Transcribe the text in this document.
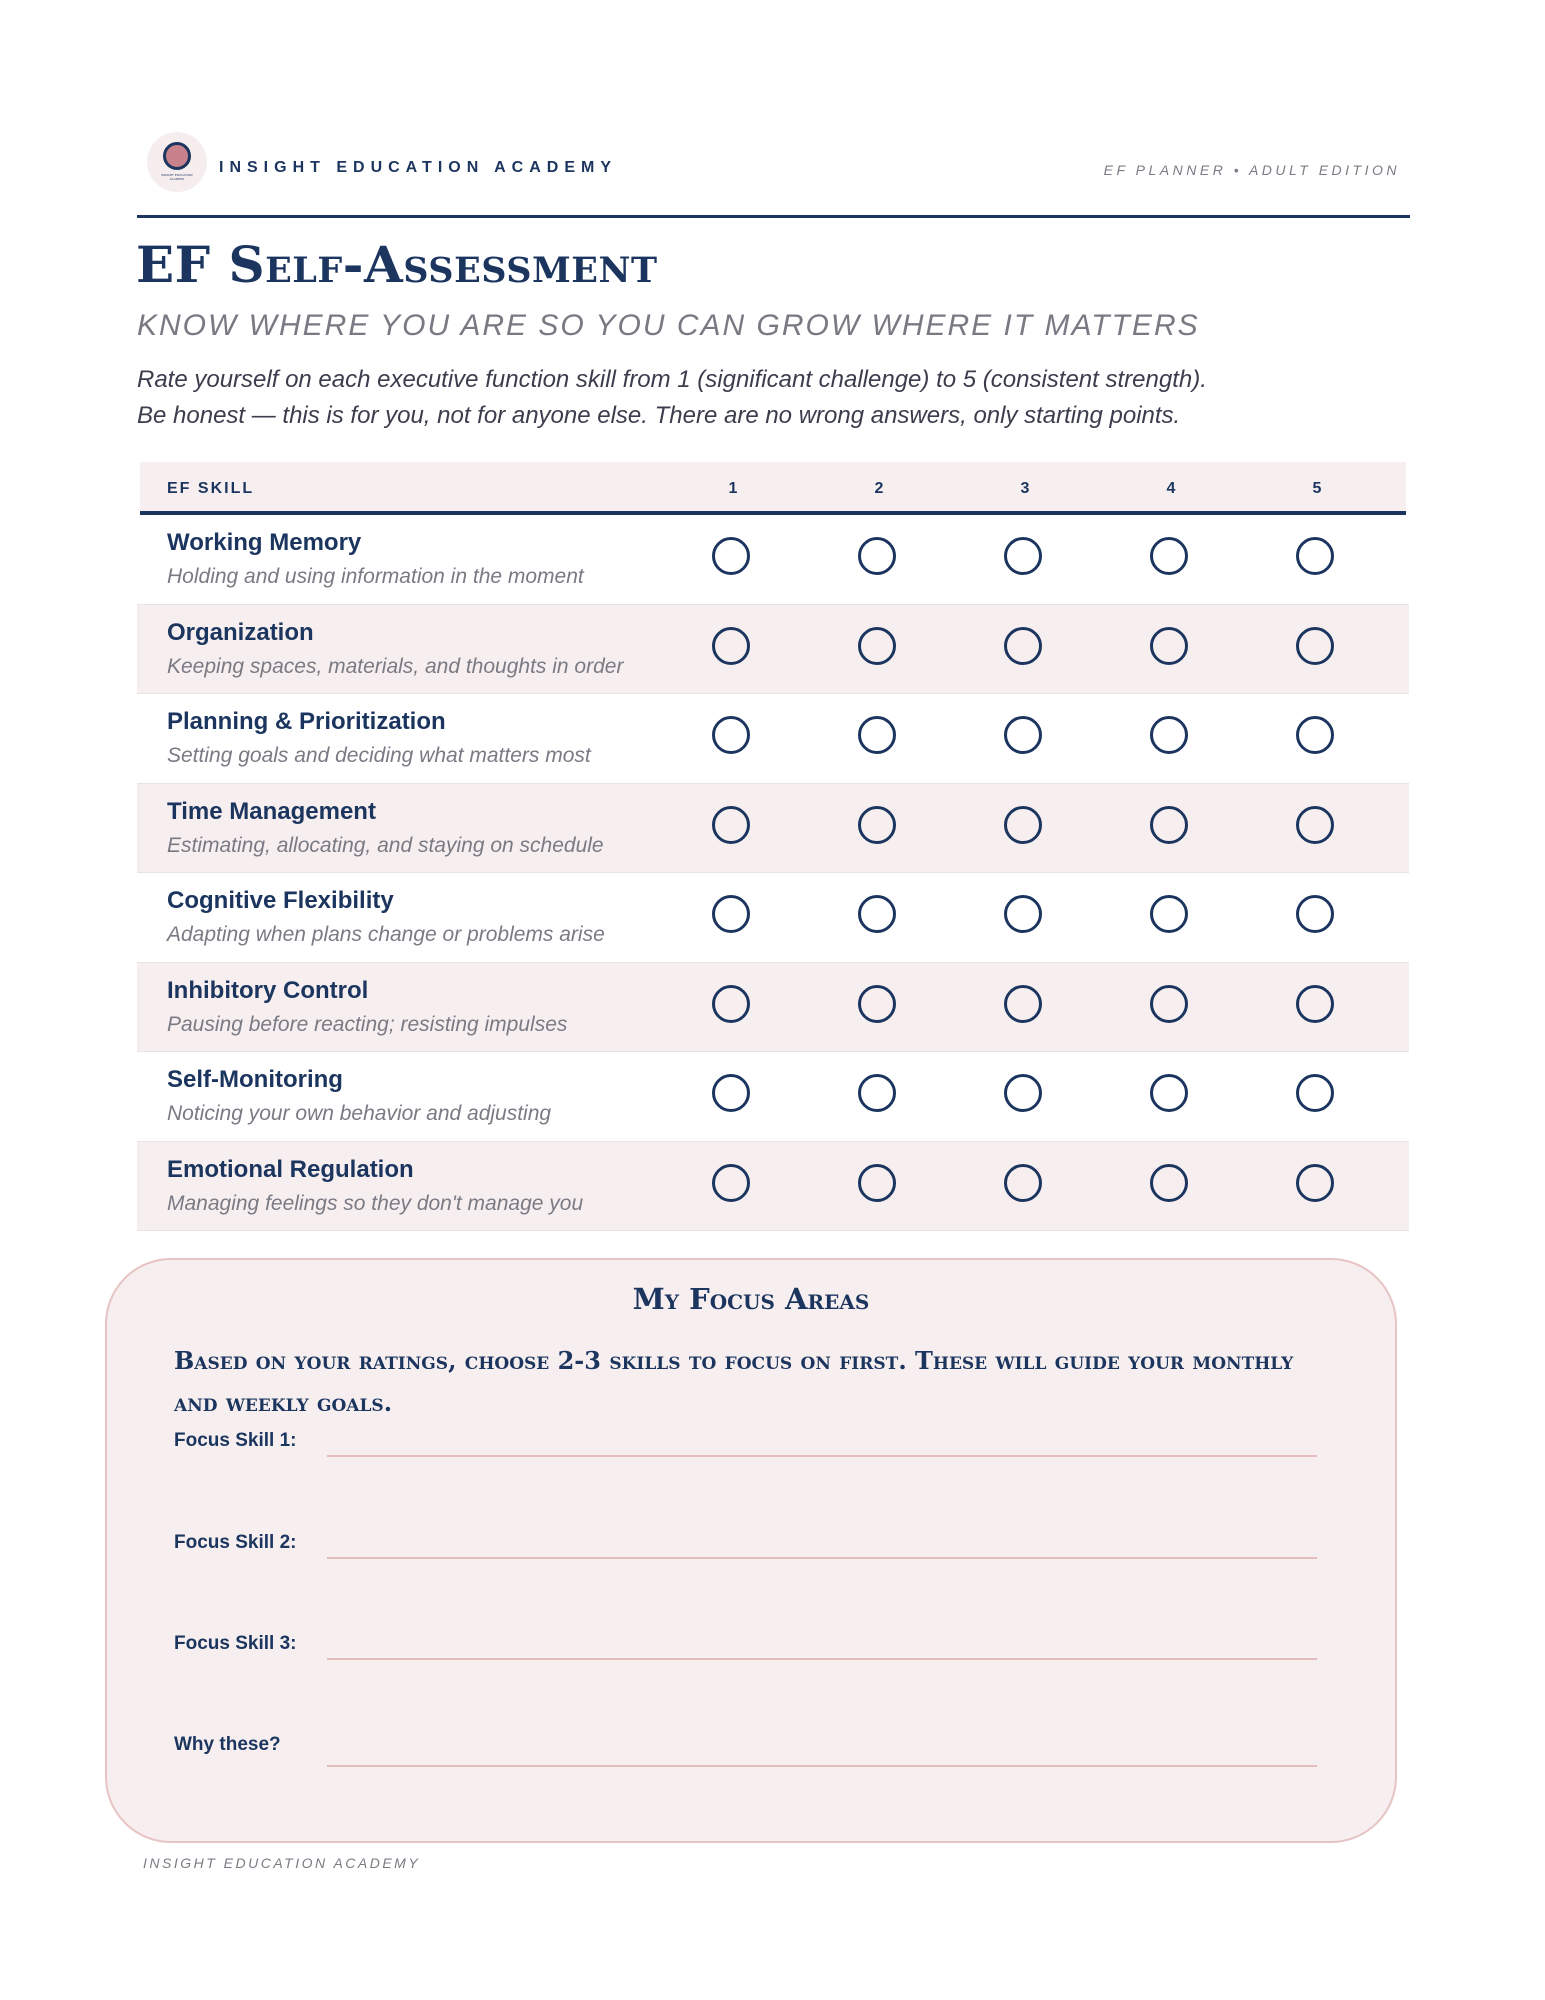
INSIGHT EDUCATION ACADEMY
INSIGHT EDUCATION ACADEMY	EF PLANNER • ADULT EDITION
EF Self-Assessment
KNOW WHERE YOU ARE SO YOU CAN GROW WHERE IT MATTERS
Rate yourself on each executive function skill from 1 (significant challenge) to 5 (consistent strength).
Be honest — this is for you, not for anyone else. There are no wrong answers, only starting points.
EF SKILL	1	2	3	4	5
Working Memory
Holding and using information in the moment
Organization
Keeping spaces, materials, and thoughts in order
Planning & Prioritization
Setting goals and deciding what matters most
Time Management
Estimating, allocating, and staying on schedule
Cognitive Flexibility
Adapting when plans change or problems arise
Inhibitory Control
Pausing before reacting; resisting impulses
Self-Monitoring
Noticing your own behavior and adjusting
Emotional Regulation
Managing feelings so they don't manage you
My Focus Areas
Based on your ratings, choose 2-3 skills to focus on first. These will guide your monthly and weekly goals.
Focus Skill 1:
Focus Skill 2:
Focus Skill 3:
Why these?
INSIGHT EDUCATION ACADEMY
